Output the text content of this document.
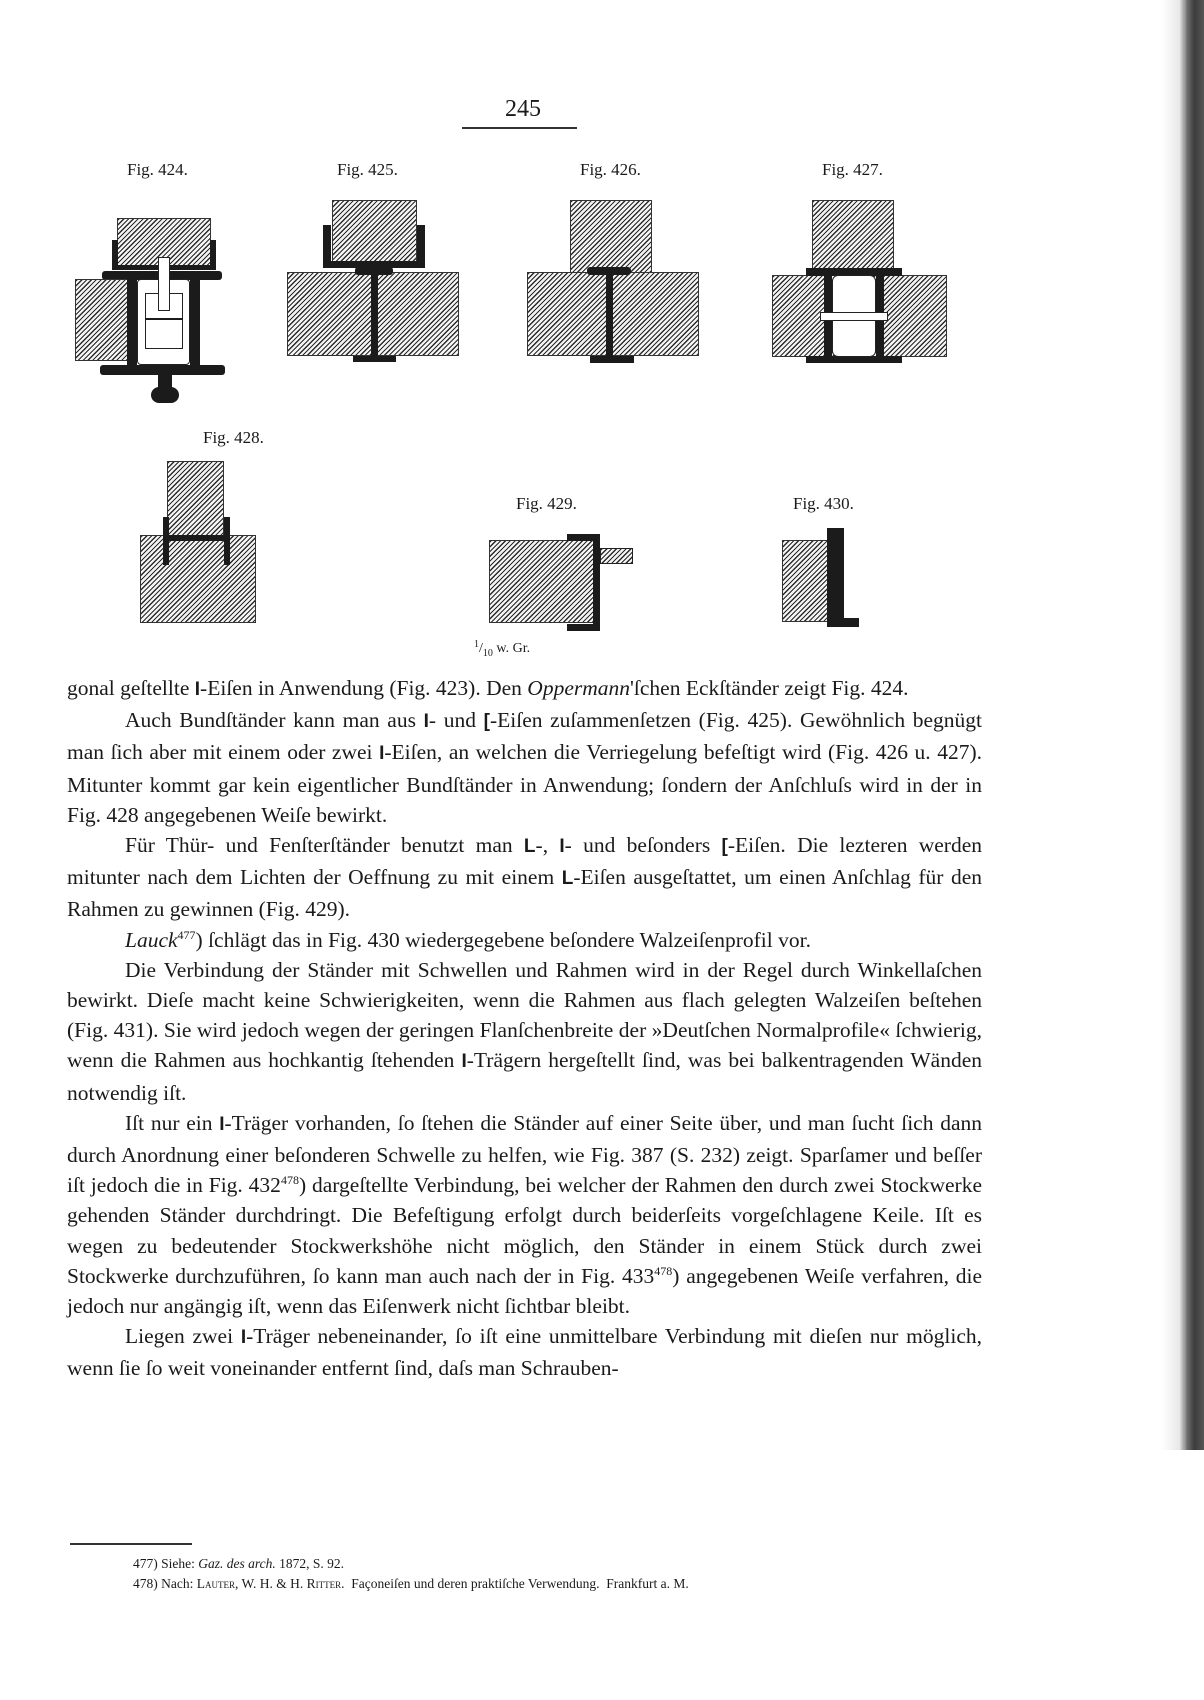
245
Fig. 424.	Fig. 425.	Fig. 426.	Fig. 427.
Fig. 428.
Fig. 429.	Fig. 430.
$^1/_{10}$ w. Gr.

gonal geſtellte I-Eiſen in Anwendung (Fig. 423). Den Oppermann'ſchen Eckſtänder zeigt Fig. 424.

Auch Bundſtänder kann man aus I- und [-Eiſen zuſammenſetzen (Fig. 425). Gewöhnlich begnügt man ſich aber mit einem oder zwei I-Eiſen, an welchen die Verriegelung befeſtigt wird (Fig. 426 u. 427). Mitunter kommt gar kein eigentlicher Bundſtänder in Anwendung; ſondern der Anſchluſs wird in der in Fig. 428 angegebenen Weiſe bewirkt.

Für Thür- und Fenſterſtänder benutzt man L-, I- und beſonders [-Eiſen. Die lezteren werden mitunter nach dem Lichten der Oeffnung zu mit einem L-Eiſen ausgeſtattet, um einen Anſchlag für den Rahmen zu gewinnen (Fig. 429).

Lauck$^{477}$) ſchlägt das in Fig. 430 wiedergegebene beſondere Walzeiſenprofil vor.

Die Verbindung der Ständer mit Schwellen und Rahmen wird in der Regel durch Winkellaſchen bewirkt. Dieſe macht keine Schwierigkeiten, wenn die Rahmen aus flach gelegten Walzeiſen beſtehen (Fig. 431). Sie wird jedoch wegen der geringen Flanſchenbreite der »Deutſchen Normalprofile« ſchwierig, wenn die Rahmen aus hochkantig ſtehenden I-Trägern hergeſtellt ſind, was bei balkentragenden Wänden notwendig iſt.

Iſt nur ein I-Träger vorhanden, ſo ſtehen die Ständer auf einer Seite über, und man ſucht ſich dann durch Anordnung einer beſonderen Schwelle zu helfen, wie Fig. 387 (S. 232) zeigt. Sparſamer und beſſer iſt jedoch die in Fig. $432^{478}$) dargeſtellte Verbindung, bei welcher der Rahmen den durch zwei Stockwerke gehenden Ständer durchdringt. Die Befeſtigung erfolgt durch beiderſeits vorgeſchlagene Keile. Iſt es wegen zu bedeutender Stockwerkshöhe nicht möglich, den Ständer in einem Stück durch zwei Stockwerke durchzuführen, ſo kann man auch nach der in Fig. $433^{478}$) angegebenen Weiſe verfahren, die jedoch nur angängig iſt, wenn das Eiſenwerk nicht ſichtbar bleibt.

Liegen zwei I-Träger nebeneinander, ſo iſt eine unmittelbare Verbindung mit dieſen nur möglich, wenn ſie ſo weit voneinander entfernt ſind, daſs man Schrauben-

477) Siehe: Gaz. des arch. 1872, S. 92.
478) Nach: Lauter, W. H. & H. Ritter.  Façoneiſen und deren praktiſche Verwendung.  Frankfurt a. M.
